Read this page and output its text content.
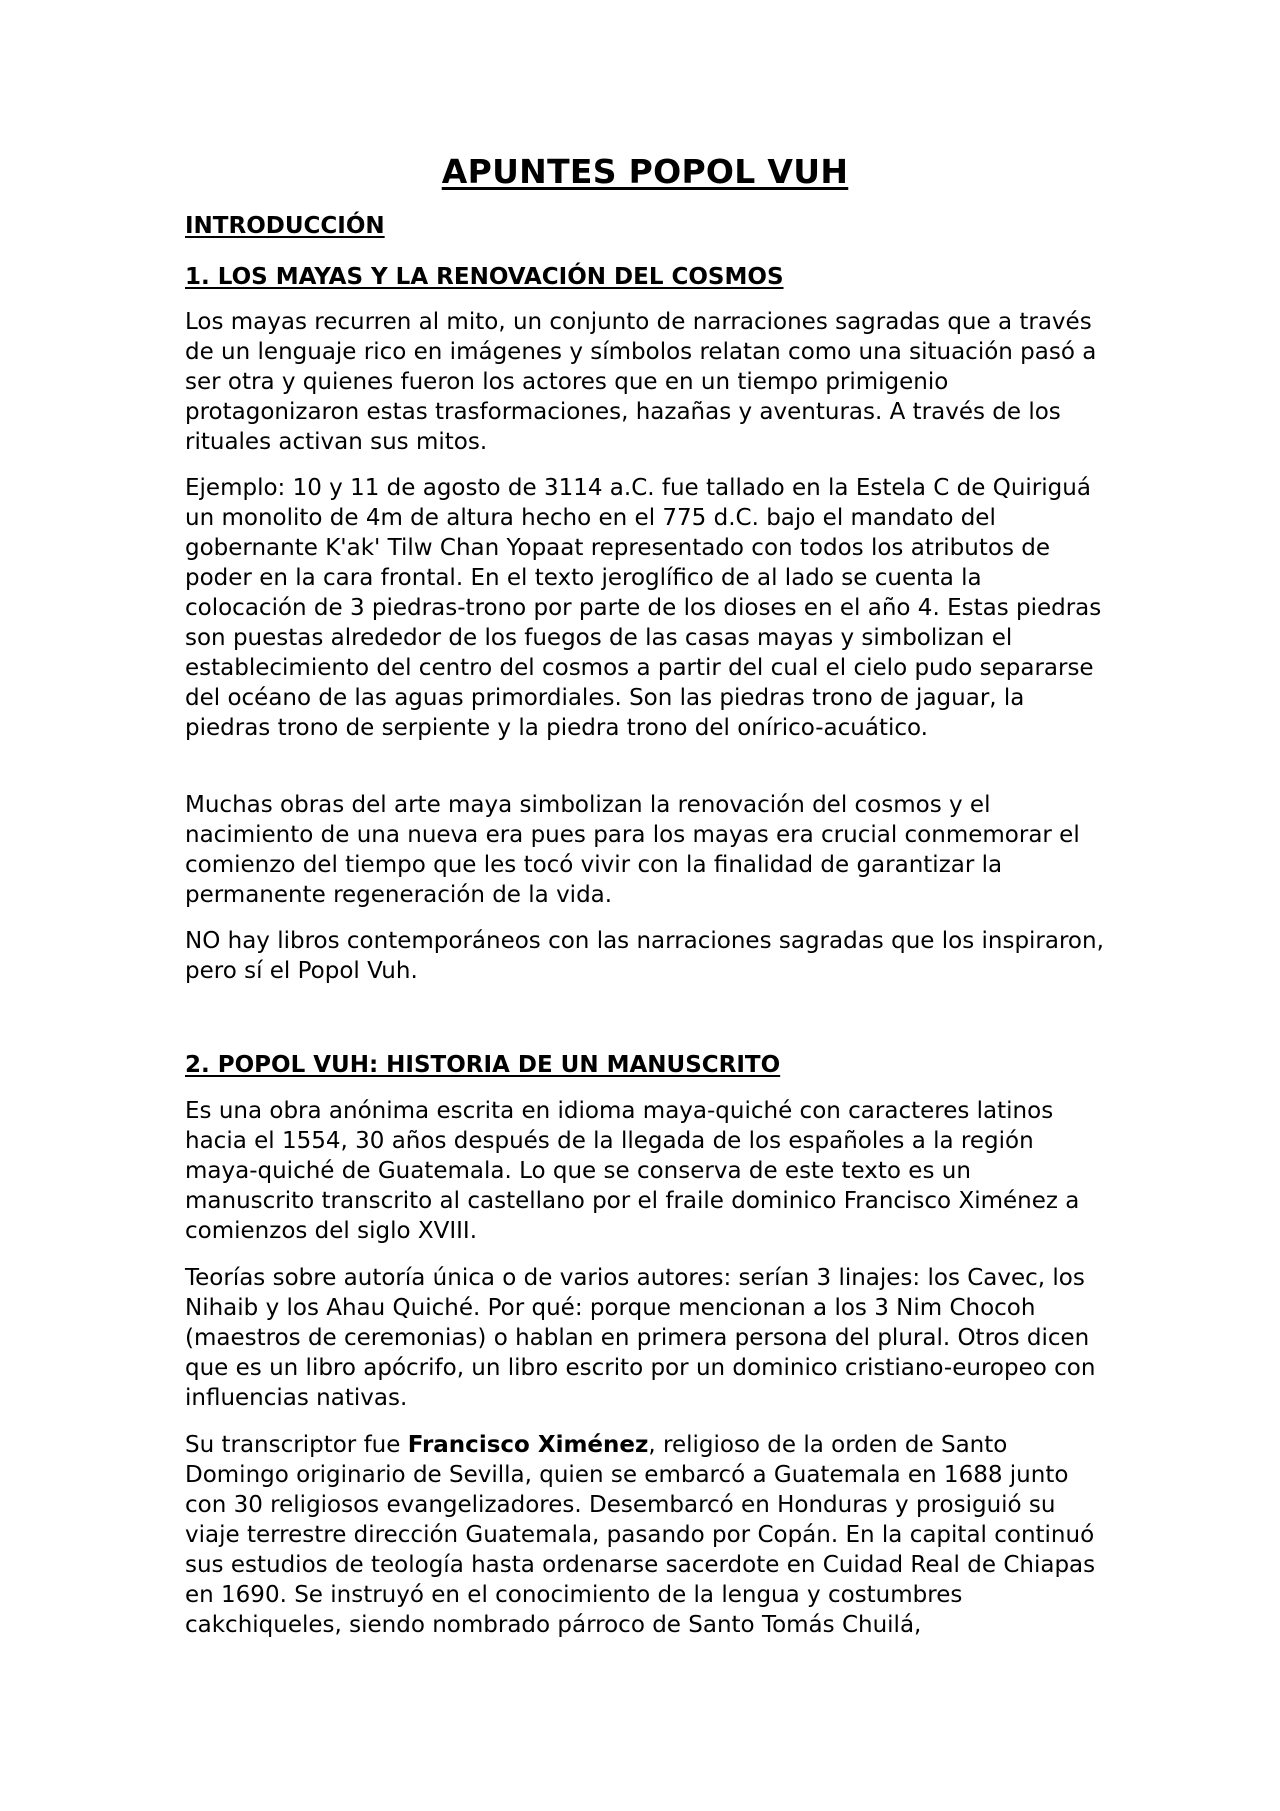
APUNTES POPOL VUH
INTRODUCCIÓN
1. LOS MAYAS Y LA RENOVACIÓN DEL COSMOS

Los mayas recurren al mito, un conjunto de narraciones sagradas que a través de un lenguaje rico en imágenes y símbolos relatan como una situación pasó a ser otra y quienes fueron los actores que en un tiempo primigenio protagonizaron estas trasformaciones, hazañas y aventuras. A través de los rituales activan sus mitos.

Ejemplo: 10 y 11 de agosto de 3114 a.C. fue tallado en la Estela C de Quiriguá un monolito de 4m de altura hecho en el 775 d.C. bajo el mandato del gobernante K'ak' Tilw Chan Yopaat representado con todos los atributos de poder en la cara frontal. En el texto jeroglífico de al lado se cuenta la colocación de 3 piedras-trono por parte de los dioses en el año 4. Estas piedras son puestas alrededor de los fuegos de las casas mayas y simbolizan el establecimiento del centro del cosmos a partir del cual el cielo pudo separarse del océano de las aguas primordiales. Son las piedras trono de jaguar, la piedras trono de serpiente y la piedra trono del onírico-acuático.

Muchas obras del arte maya simbolizan la renovación del cosmos y el nacimiento de una nueva era pues para los mayas era crucial conmemorar el comienzo del tiempo que les tocó vivir con la finalidad de garantizar la permanente regeneración de la vida.

NO hay libros contemporáneos con las narraciones sagradas que los inspiraron, pero sí el Popol Vuh.

2. POPOL VUH: HISTORIA DE UN MANUSCRITO

Es una obra anónima escrita en idioma maya-quiché con caracteres latinos hacia el 1554, 30 años después de la llegada de los españoles a la región maya-quiché de Guatemala. Lo que se conserva de este texto es un manuscrito transcrito al castellano por el fraile dominico Francisco Ximénez a comienzos del siglo XVIII.

Teorías sobre autoría única o de varios autores: serían 3 linajes: los Cavec, los Nihaib y los Ahau Quiché. Por qué: porque mencionan a los 3 Nim Chocoh (maestros de ceremonias) o hablan en primera persona del plural. Otros dicen que es un libro apócrifo, un libro escrito por un dominico cristiano-europeo con influencias nativas.

Su transcriptor fue Francisco Ximénez, religioso de la orden de Santo Domingo originario de Sevilla, quien se embarcó a Guatemala en 1688 junto con 30 religiosos evangelizadores. Desembarcó en Honduras y prosiguió su viaje terrestre dirección Guatemala, pasando por Copán. En la capital continuó sus estudios de teología hasta ordenarse sacerdote en Cuidad Real de Chiapas en 1690. Se instruyó en el conocimiento de la lengua y costumbres cakchiqueles, siendo nombrado párroco de Santo Tomás Chuilá,
